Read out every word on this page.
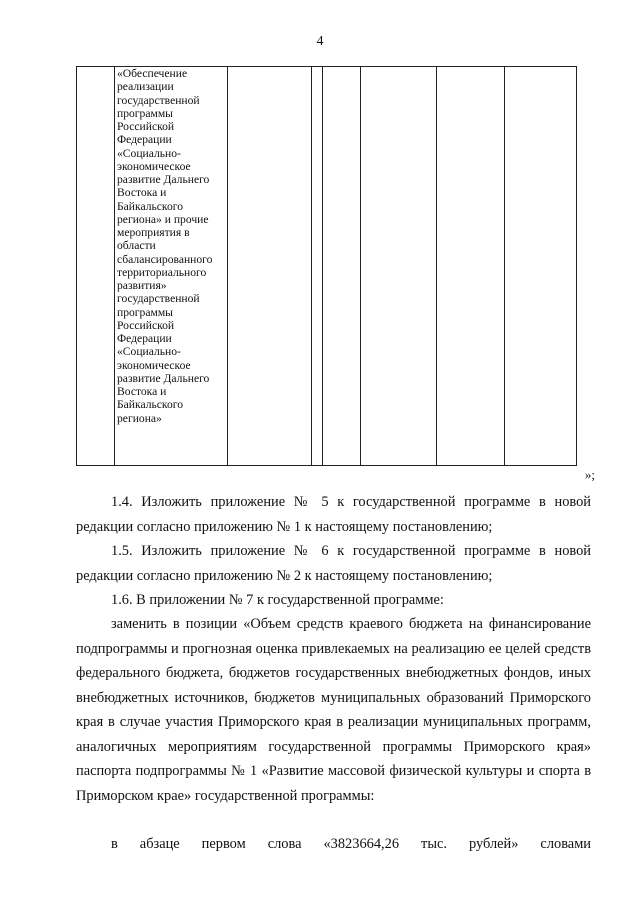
4

«Обеспечение
реализации
государственной
программы
Российской
Федерации
«Социально-
экономическое
развитие Дальнего
Востока и
Байкальского
региона» и прочие
мероприятия в
области
сбалансированного
территориального
развития»
государственной
программы
Российской
Федерации
«Социально-
экономическое
развитие Дальнего
Востока и
Байкальского
региона»

»;

1.4. Изложить приложение № 5 к государственной программе в новой редакции согласно приложению № 1 к настоящему постановлению;

1.5. Изложить приложение № 6 к государственной программе в новой редакции согласно приложению № 2 к настоящему постановлению;

1.6. В приложении № 7 к государственной программе:

заменить в позиции «Объем средств краевого бюджета на финансирование подпрограммы и прогнозная оценка привлекаемых на реализацию ее целей средств федерального бюджета, бюджетов государственных внебюджетных фондов, иных внебюджетных источников, бюджетов муниципальных образований Приморского края в случае участия Приморского края в реализации муниципальных программ, аналогичных мероприятиям государственной программы Приморского края» паспорта подпрограммы № 1 «Развитие массовой физической культуры и спорта в Приморском крае» государственной программы:

в абзаце первом слова «3823664,26 тыс. рублей» словами
